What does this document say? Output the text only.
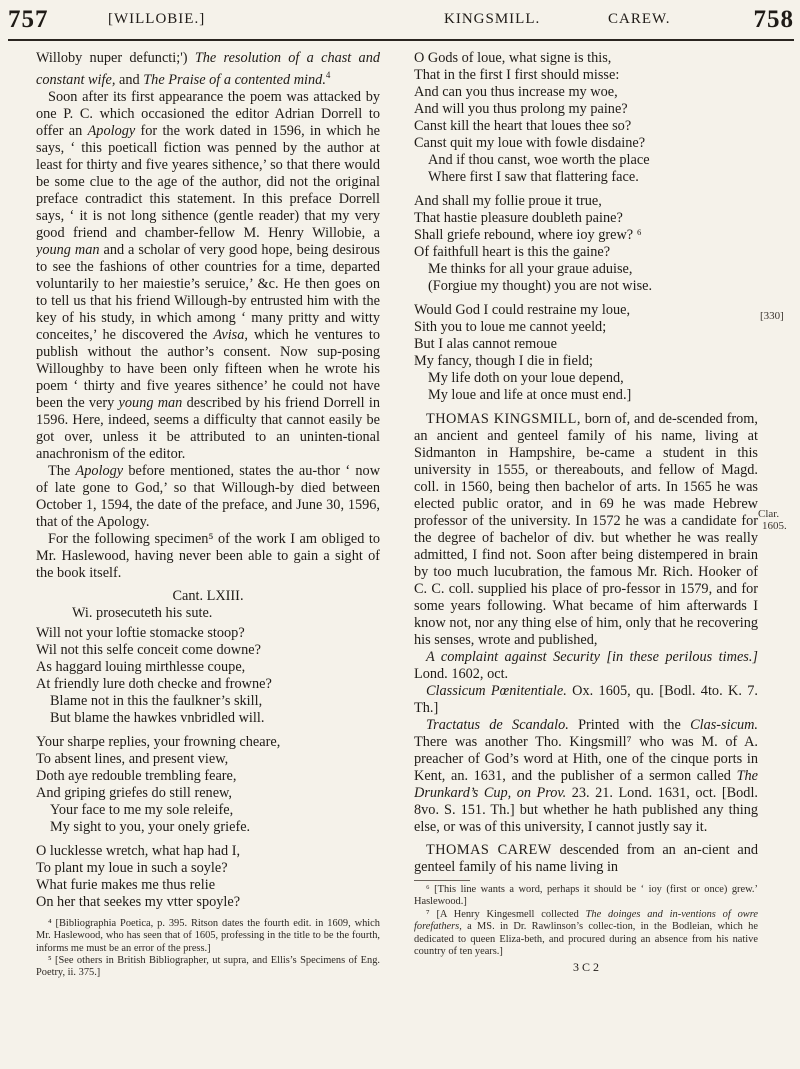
757	[WILLOBIE.]	KINGSMILL.	CAREW.	758

Willoby nuper defuncti;') The resolution of a chast and constant wife, and The Praise of a contented mind.$^4$

Soon after its first appearance the poem was attacked by one P. C. which occasioned the editor Adrian Dorrell to offer an Apology for the work dated in 1596, in which he says, ‘ this poeticall fiction was penned by the author at least for thirty and five yeares sithence,’ so that there would be some clue to the age of the author, did not the original preface contradict this statement. In this preface Dorrell says, ‘ it is not long sithence (gentle reader) that my very good friend and chamber-fellow M. Henry Willobie, a young man and a scholar of very good hope, being desirous to see the fashions of other countries for a time, departed voluntarily to her maiestie’s seruice,’ &c. He then goes on to tell us that his friend Willough-by entrusted him with the key of his study, in which among ‘ many pritty and witty conceites,’ he discovered the Avisa, which he ventures to publish without the author’s consent. Now sup-posing Willoughby to have been only fifteen when he wrote his poem ‘ thirty and five yeares sithence’ he could not have been the very young man described by his friend Dorrell in 1596. Here, indeed, seems a difficulty that cannot easily be got over, unless it be attributed to an uninten-tional anachronism of the editor.

The Apology before mentioned, states the au-thor ‘ now of late gone to God,’ so that Willough-by died between October 1, 1594, the date of the preface, and June 30, 1596, that of the Apology.

For the following specimen⁵ of the work I am obliged to Mr. Haslewood, having never been able to gain a sight of the book itself.

Cant. LXIII.
Wi. prosecuteth his sute.
Will not your loftie stomacke stoop?
Wil not this selfe conceit come downe?
As haggard louing mirthlesse coupe,
At friendly lure doth checke and frowne?
Blame not in this the faulkner’s skill,
But blame the hawkes vnbridled will.
Your sharpe replies, your frowning cheare,
To absent lines, and present view,
Doth aye redouble trembling feare,
And griping griefes do still renew,
Your face to me my sole releife,
My sight to you, your onely griefe.
O lucklesse wretch, what hap had I,
To plant my loue in such a soyle?
What furie makes me thus relie
On her that seekes my vtter spoyle?

⁴ [Bibliographia Poetica, p. 395. Ritson dates the fourth edit. in 1609, which Mr. Haslewood, who has seen that of 1605, professing in the title to be the fourth, informs me must be an error of the press.]

⁵ [See others in British Bibliographer, ut supra, and Ellis’s Specimens of Eng. Poetry, ii. 375.]

O Gods of loue, what signe is this,
That in the first I first should misse:
And can you thus increase my woe,
And will you thus prolong my paine?
Canst kill the heart that loues thee so?
Canst quit my loue with fowle disdaine?
And if thou canst, woe worth the place
Where first I saw that flattering face.
And shall my follie proue it true,
That hastie pleasure doubleth paine?
Shall griefe rebound, where ioy grew? ⁶
Of faithfull heart is this the gaine?
Me thinks for all your graue aduise,
(Forgiue my thought) you are not wise.
Would God I could restraine my loue,
Sith you to loue me cannot yeeld;
But I alas cannot remoue
My fancy, though I die in field;
My life doth on your loue depend,
My loue and life at once must end.]

THOMAS KINGSMILL, born of, and de-scended from, an ancient and genteel family of his name, living at Sidmanton in Hampshire, be-came a student in this university in 1555, or thereabouts, and fellow of Magd. coll. in 1560, being then bachelor of arts. In 1565 he was elected public orator, and in 69 he was made Hebrew professor of the university. In 1572 he was a candidate for the degree of bachelor of div. but whether he was really admitted, I find not. Soon after being distempered in brain by too much lucubration, the famous Mr. Rich. Hooker of C. C. coll. supplied his place of pro-fessor in 1579, and for some years following. What became of him afterwards I know not, nor any thing else of him, only that he recovering his senses, wrote and published,

A complaint against Security [in these perilous times.] Lond. 1602, oct.

Classicum Pœnitentiale. Ox. 1605, qu. [Bodl. 4to. K. 7. Th.]

Tractatus de Scandalo. Printed with the Clas-sicum. There was another Tho. Kingsmill⁷ who was M. of A. preacher of God’s word at Hith, one of the cinque ports in Kent, an. 1631, and the publisher of a sermon called The Drunkard’s Cup, on Prov. 23. 21. Lond. 1631, oct. [Bodl. 8vo. S. 151. Th.] but whether he hath published any thing else, or was of this university, I cannot justly say it.

THOMAS CAREW descended from an an-cient and genteel family of his name living in

⁶ [This line wants a word, perhaps it should be ‘ ioy (first or once) grew.’ Haslewood.]

⁷ [A Henry Kingesmell collected The doinges and in-ventions of owre forefathers, a MS. in Dr. Rawlinson’s collec-tion, in the Bodleian, which he dedicated to queen Eliza-beth, and procured during an absence from his native country of ten years.]

3 C 2
[330]
Clar.
1605.
